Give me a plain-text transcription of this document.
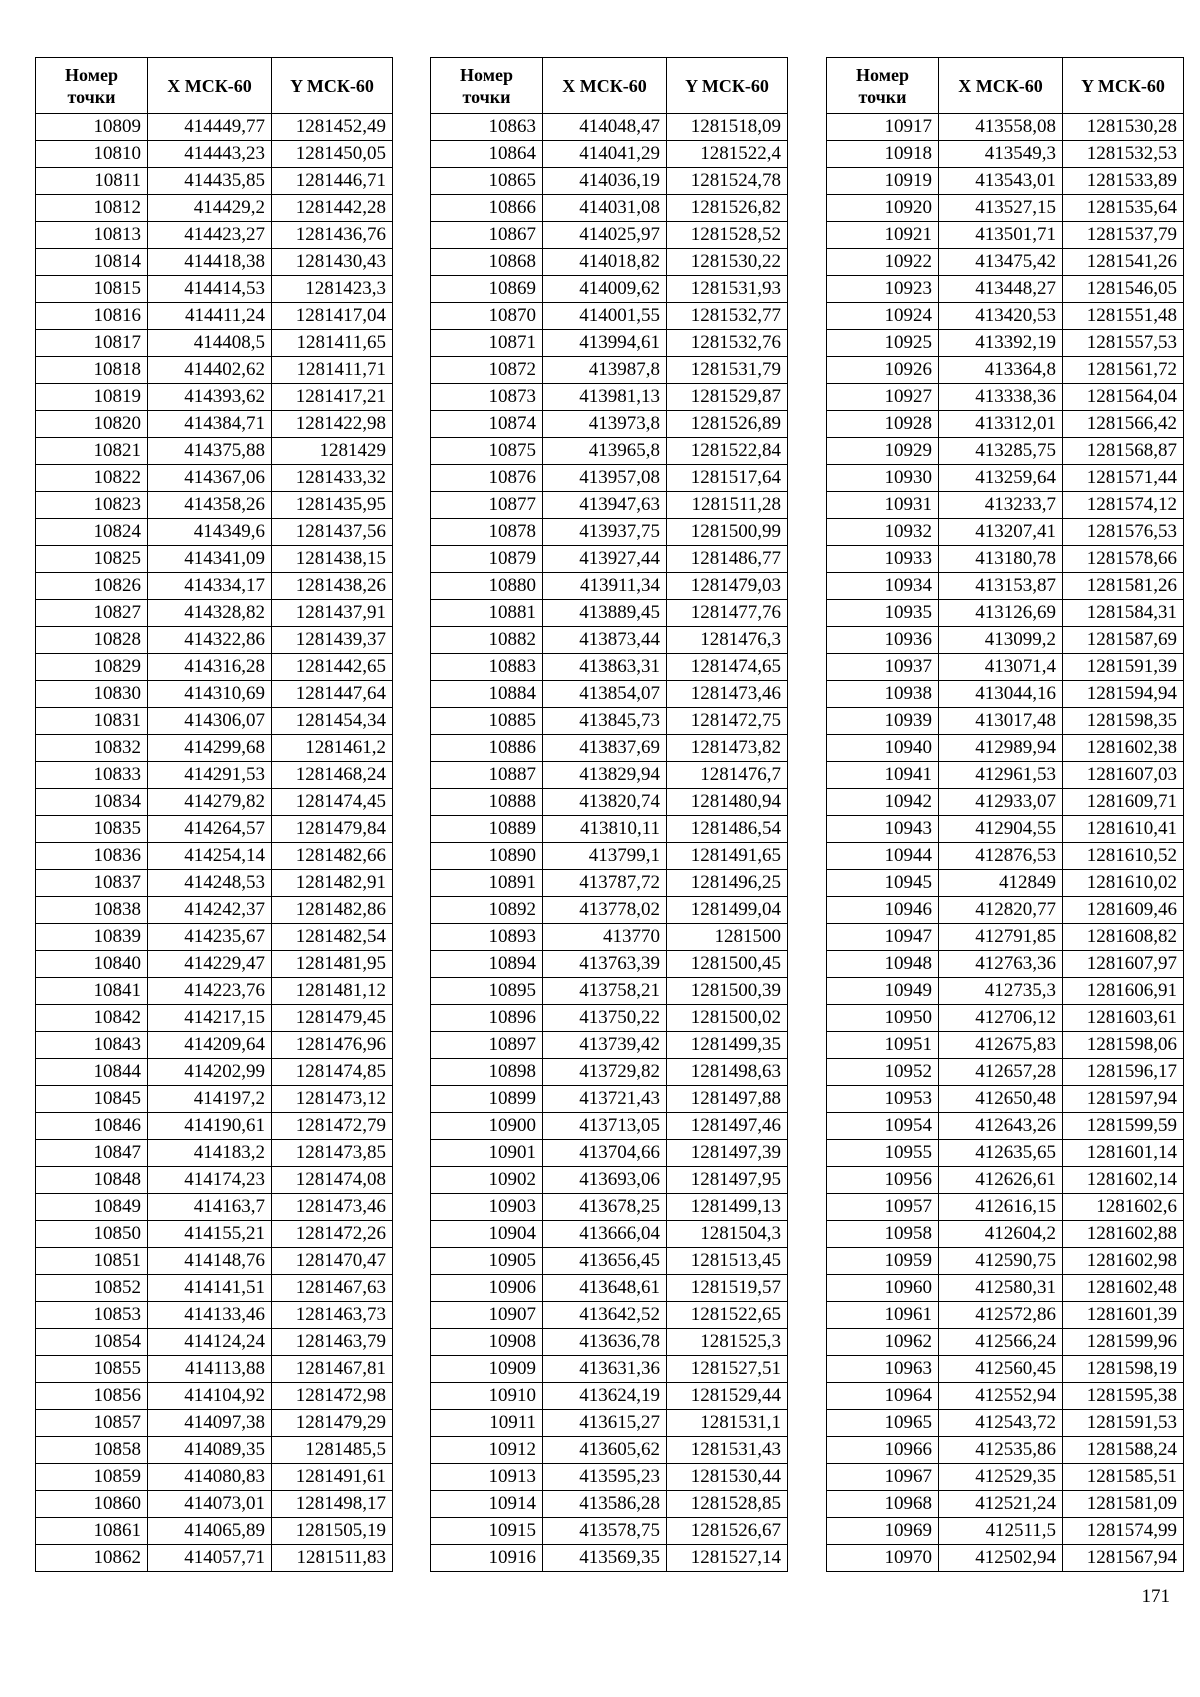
Номер
точки	X МСК-60	Y МСК-60
10809	414449,77	1281452,49
10810	414443,23	1281450,05
10811	414435,85	1281446,71
10812	414429,2	1281442,28
10813	414423,27	1281436,76
10814	414418,38	1281430,43
10815	414414,53	1281423,3
10816	414411,24	1281417,04
10817	414408,5	1281411,65
10818	414402,62	1281411,71
10819	414393,62	1281417,21
10820	414384,71	1281422,98
10821	414375,88	1281429
10822	414367,06	1281433,32
10823	414358,26	1281435,95
10824	414349,6	1281437,56
10825	414341,09	1281438,15
10826	414334,17	1281438,26
10827	414328,82	1281437,91
10828	414322,86	1281439,37
10829	414316,28	1281442,65
10830	414310,69	1281447,64
10831	414306,07	1281454,34
10832	414299,68	1281461,2
10833	414291,53	1281468,24
10834	414279,82	1281474,45
10835	414264,57	1281479,84
10836	414254,14	1281482,66
10837	414248,53	1281482,91
10838	414242,37	1281482,86
10839	414235,67	1281482,54
10840	414229,47	1281481,95
10841	414223,76	1281481,12
10842	414217,15	1281479,45
10843	414209,64	1281476,96
10844	414202,99	1281474,85
10845	414197,2	1281473,12
10846	414190,61	1281472,79
10847	414183,2	1281473,85
10848	414174,23	1281474,08
10849	414163,7	1281473,46
10850	414155,21	1281472,26
10851	414148,76	1281470,47
10852	414141,51	1281467,63
10853	414133,46	1281463,73
10854	414124,24	1281463,79
10855	414113,88	1281467,81
10856	414104,92	1281472,98
10857	414097,38	1281479,29
10858	414089,35	1281485,5
10859	414080,83	1281491,61
10860	414073,01	1281498,17
10861	414065,89	1281505,19
10862	414057,71	1281511,83
Номер
точки	X МСК-60	Y МСК-60
10863	414048,47	1281518,09
10864	414041,29	1281522,4
10865	414036,19	1281524,78
10866	414031,08	1281526,82
10867	414025,97	1281528,52
10868	414018,82	1281530,22
10869	414009,62	1281531,93
10870	414001,55	1281532,77
10871	413994,61	1281532,76
10872	413987,8	1281531,79
10873	413981,13	1281529,87
10874	413973,8	1281526,89
10875	413965,8	1281522,84
10876	413957,08	1281517,64
10877	413947,63	1281511,28
10878	413937,75	1281500,99
10879	413927,44	1281486,77
10880	413911,34	1281479,03
10881	413889,45	1281477,76
10882	413873,44	1281476,3
10883	413863,31	1281474,65
10884	413854,07	1281473,46
10885	413845,73	1281472,75
10886	413837,69	1281473,82
10887	413829,94	1281476,7
10888	413820,74	1281480,94
10889	413810,11	1281486,54
10890	413799,1	1281491,65
10891	413787,72	1281496,25
10892	413778,02	1281499,04
10893	413770	1281500
10894	413763,39	1281500,45
10895	413758,21	1281500,39
10896	413750,22	1281500,02
10897	413739,42	1281499,35
10898	413729,82	1281498,63
10899	413721,43	1281497,88
10900	413713,05	1281497,46
10901	413704,66	1281497,39
10902	413693,06	1281497,95
10903	413678,25	1281499,13
10904	413666,04	1281504,3
10905	413656,45	1281513,45
10906	413648,61	1281519,57
10907	413642,52	1281522,65
10908	413636,78	1281525,3
10909	413631,36	1281527,51
10910	413624,19	1281529,44
10911	413615,27	1281531,1
10912	413605,62	1281531,43
10913	413595,23	1281530,44
10914	413586,28	1281528,85
10915	413578,75	1281526,67
10916	413569,35	1281527,14
Номер
точки	X МСК-60	Y МСК-60
10917	413558,08	1281530,28
10918	413549,3	1281532,53
10919	413543,01	1281533,89
10920	413527,15	1281535,64
10921	413501,71	1281537,79
10922	413475,42	1281541,26
10923	413448,27	1281546,05
10924	413420,53	1281551,48
10925	413392,19	1281557,53
10926	413364,8	1281561,72
10927	413338,36	1281564,04
10928	413312,01	1281566,42
10929	413285,75	1281568,87
10930	413259,64	1281571,44
10931	413233,7	1281574,12
10932	413207,41	1281576,53
10933	413180,78	1281578,66
10934	413153,87	1281581,26
10935	413126,69	1281584,31
10936	413099,2	1281587,69
10937	413071,4	1281591,39
10938	413044,16	1281594,94
10939	413017,48	1281598,35
10940	412989,94	1281602,38
10941	412961,53	1281607,03
10942	412933,07	1281609,71
10943	412904,55	1281610,41
10944	412876,53	1281610,52
10945	412849	1281610,02
10946	412820,77	1281609,46
10947	412791,85	1281608,82
10948	412763,36	1281607,97
10949	412735,3	1281606,91
10950	412706,12	1281603,61
10951	412675,83	1281598,06
10952	412657,28	1281596,17
10953	412650,48	1281597,94
10954	412643,26	1281599,59
10955	412635,65	1281601,14
10956	412626,61	1281602,14
10957	412616,15	1281602,6
10958	412604,2	1281602,88
10959	412590,75	1281602,98
10960	412580,31	1281602,48
10961	412572,86	1281601,39
10962	412566,24	1281599,96
10963	412560,45	1281598,19
10964	412552,94	1281595,38
10965	412543,72	1281591,53
10966	412535,86	1281588,24
10967	412529,35	1281585,51
10968	412521,24	1281581,09
10969	412511,5	1281574,99
10970	412502,94	1281567,94
171
